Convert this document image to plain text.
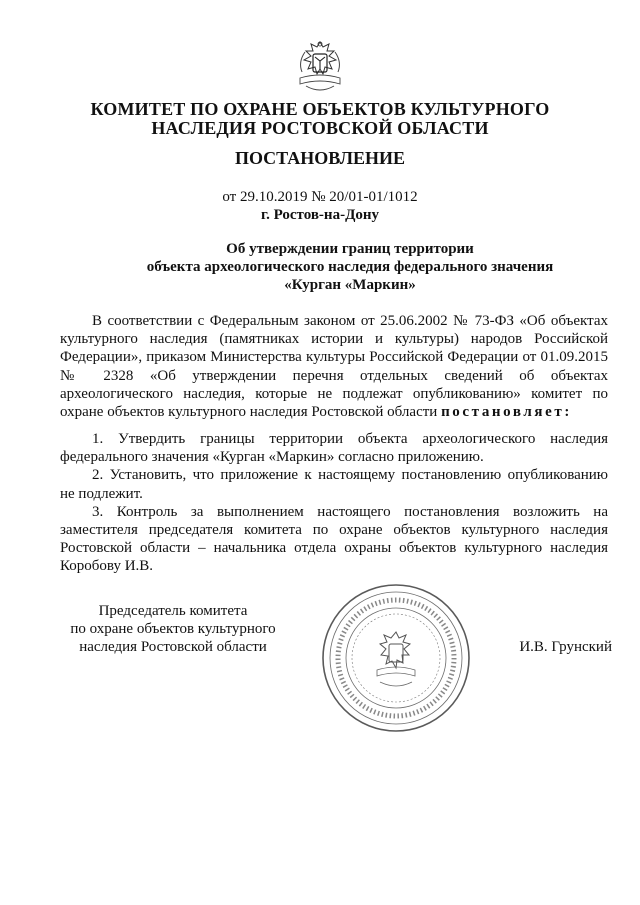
КОМИТЕТ ПО ОХРАНЕ ОБЪЕКТОВ КУЛЬТУРНОГО
НАСЛЕДИЯ РОСТОВСКОЙ ОБЛАСТИ
ПОСТАНОВЛЕНИЕ
от 29.10.2019 № 20/01-01/1012
г. Ростов-на-Дону
Об утверждении границ территории
объекта археологического наследия федерального значения
«Курган «Маркин»
В соответствии с Федеральным законом от 25.06.2002 № 73-ФЗ «Об объектах культурного наследия (памятниках истории и культуры) народов Российской Федерации», приказом Министерства культуры Российской Федерации от 01.09.2015 № 2328 «Об утверждении перечня отдельных сведений об объектах археологического наследия, которые не подлежат опубликованию» комитет по охране объектов культурного наследия Ростовской области постановляет:
1. Утвердить границы территории объекта археологического наследия федерального значения «Курган «Маркин» согласно приложению.
2. Установить, что приложение к настоящему постановлению опубликованию не подлежит.
3. Контроль за выполнением настоящего постановления возложить на заместителя председателя комитета по охране объектов культурного наследия Ростовской области – начальника отдела охраны объектов культурного наследия Коробову И.В.
Председатель комитета
по охране объектов культурного
наследия Ростовской области	И.В. Грунский
